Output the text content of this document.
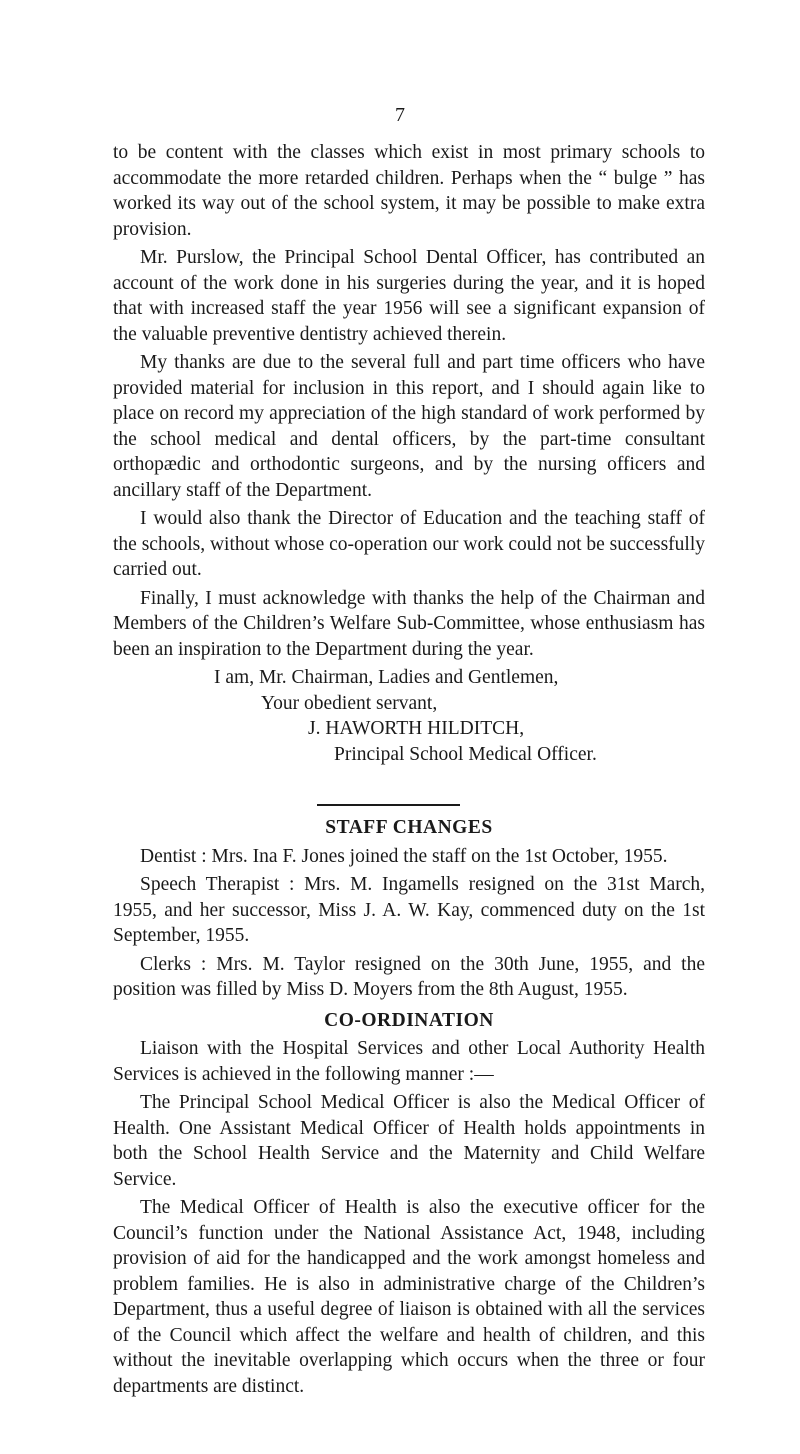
7

to be content with the classes which exist in most primary schools to accommodate the more retarded children. Perhaps when the “ bulge ” has worked its way out of the school system, it may be possible to make extra provision.

Mr. Purslow, the Principal School Dental Officer, has contributed an account of the work done in his surgeries during the year, and it is hoped that with increased staff the year 1956 will see a significant expansion of the valuable preventive dentistry achieved therein.

My thanks are due to the several full and part time officers who have provided material for inclusion in this report, and I should again like to place on record my appreciation of the high standard of work performed by the school medical and dental officers, by the part-time consultant orthopædic and orthodontic surgeons, and by the nursing officers and ancillary staff of the Department.

I would also thank the Director of Education and the teaching staff of the schools, without whose co-operation our work could not be successfully carried out.

Finally, I must acknowledge with thanks the help of the Chairman and Members of the Children’s Welfare Sub-Committee, whose enthusiasm has been an inspiration to the Department during the year.

I am, Mr. Chairman, Ladies and Gentlemen,

Your obedient servant,

J. HAWORTH HILDITCH,

Principal School Medical Officer.

STAFF CHANGES

Dentist : Mrs. Ina F. Jones joined the staff on the 1st October, 1955.

Speech Therapist : Mrs. M. Ingamells resigned on the 31st March, 1955, and her successor, Miss J. A. W. Kay, commenced duty on the 1st September, 1955.

Clerks : Mrs. M. Taylor resigned on the 30th June, 1955, and the position was filled by Miss D. Moyers from the 8th August, 1955.

CO-ORDINATION

Liaison with the Hospital Services and other Local Authority Health Services is achieved in the following manner :—

The Principal School Medical Officer is also the Medical Officer of Health. One Assistant Medical Officer of Health holds appointments in both the School Health Service and the Maternity and Child Welfare Service.

The Medical Officer of Health is also the executive officer for the Council’s function under the National Assistance Act, 1948, including provision of aid for the handicapped and the work amongst homeless and problem families. He is also in administrative charge of the Children’s Department, thus a useful degree of liaison is obtained with all the services of the Council which affect the welfare and health of children, and this without the inevitable overlapping which occurs when the three or four departments are distinct.
